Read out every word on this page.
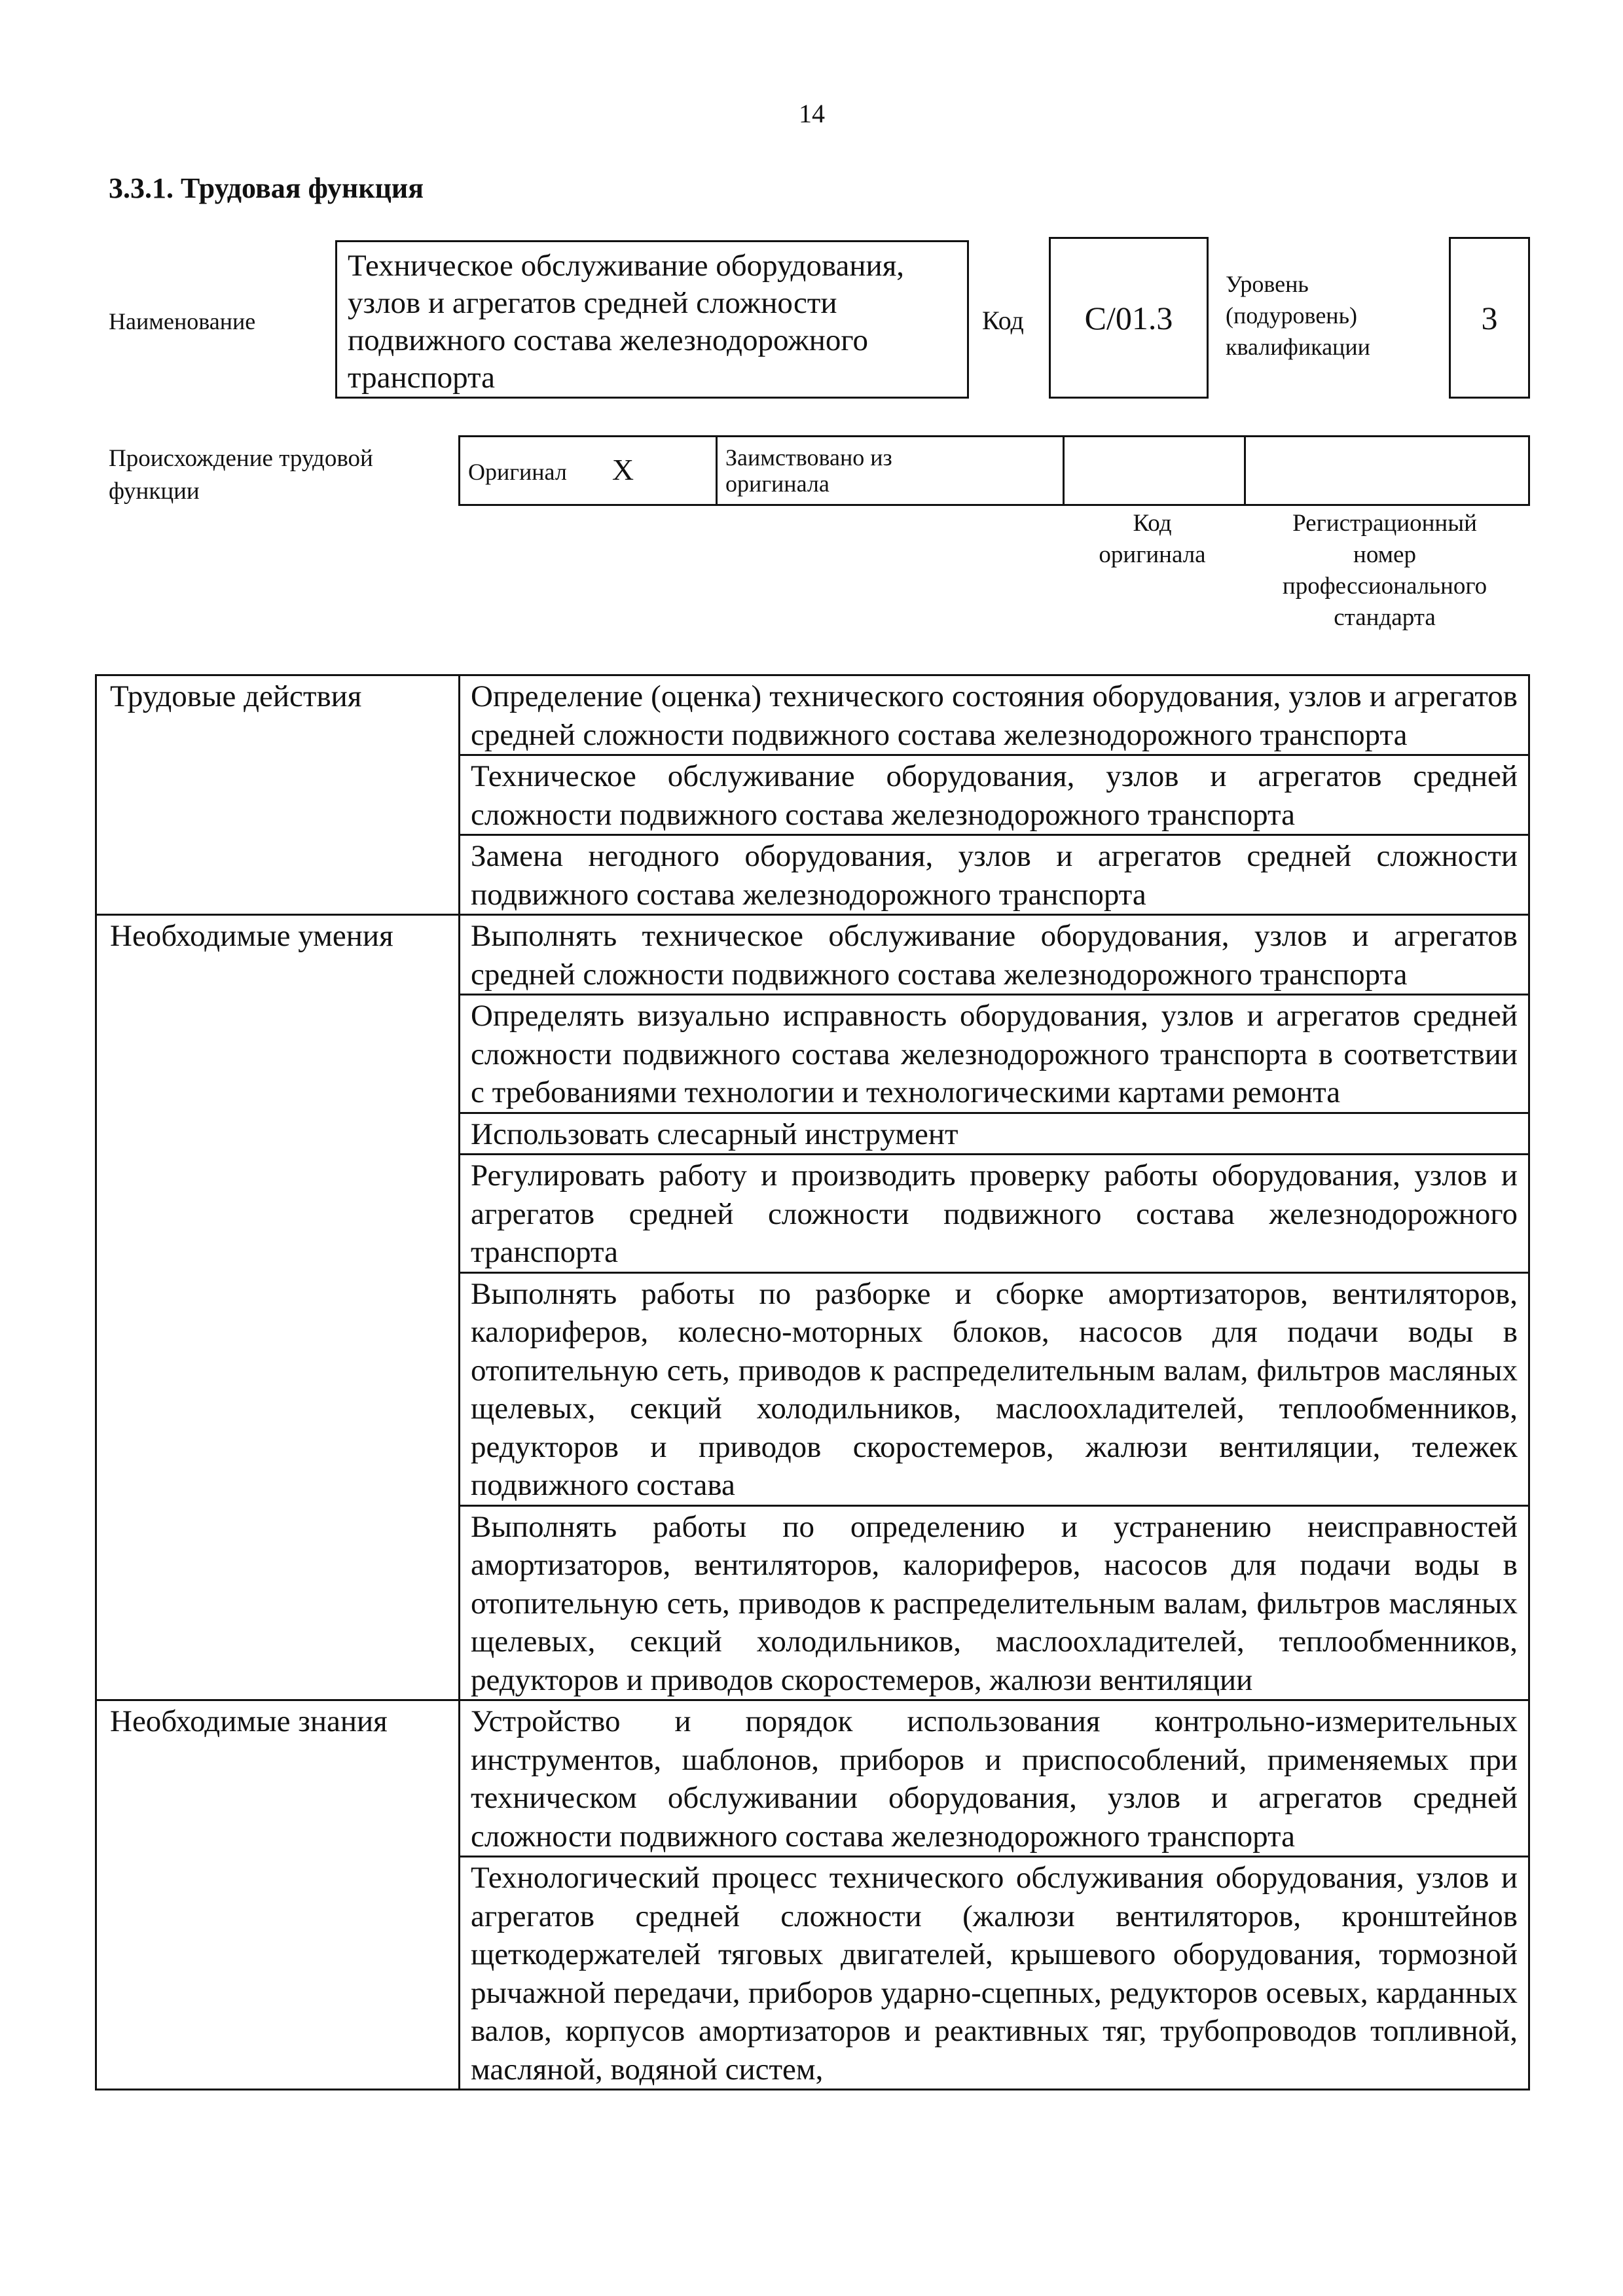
14
3.3.1. Трудовая функция
Наименование
Техническое обслуживание оборудования, узлов и агрегатов средней сложности подвижного состава железнодорожного транспорта
Код С/01.3
Уровень
(подуровень)
квалификации
3
Происхождение трудовой
функции
Оригинал X	Заимствовано из
оригинала

Код
оригинала
Регистрационный
номер
профессионального
стандарта
Трудовые действия	Определение (оценка) технического состояния оборудования, узлов и агрегатов средней сложности подвижного состава железнодорожного транспорта
	Техническое обслуживание оборудования, узлов и агрегатов средней сложности подвижного состава железнодорожного транспорта
	Замена негодного оборудования, узлов и агрегатов средней сложности подвижного состава железнодорожного транспорта
Необходимые умения	Выполнять техническое обслуживание оборудования, узлов и агрегатов средней сложности подвижного состава железнодорожного транспорта
	Определять визуально исправность оборудования, узлов и агрегатов средней сложности подвижного состава железнодорожного транспорта в соответствии с требованиями технологии и технологическими картами ремонта
	Использовать слесарный инструмент
	Регулировать работу и производить проверку работы оборудования, узлов и агрегатов средней сложности подвижного состава железнодорожного транспорта
	Выполнять работы по разборке и сборке амортизаторов, вентиляторов, калориферов, колесно-моторных блоков, насосов для подачи воды в отопительную сеть, приводов к распределительным валам, фильтров масляных щелевых, секций холодильников, маслоохладителей, теплообменников, редукторов и приводов скоростемеров, жалюзи вентиляции, тележек подвижного состава
	Выполнять работы по определению и устранению неисправностей амортизаторов, вентиляторов, калориферов, насосов для подачи воды в отопительную сеть, приводов к распределительным валам, фильтров масляных щелевых, секций холодильников, маслоохладителей, теплообменников, редукторов и приводов скоростемеров, жалюзи вентиляции
Необходимые знания	Устройство и порядок использования контрольно-измерительных инструментов, шаблонов, приборов и приспособлений, применяемых при техническом обслуживании оборудования, узлов и агрегатов средней сложности подвижного состава железнодорожного транспорта
	Технологический процесс технического обслуживания оборудования, узлов и агрегатов средней сложности (жалюзи вентиляторов, кронштейнов щеткодержателей тяговых двигателей, крышевого оборудования, тормозной рычажной передачи, приборов ударно-сцепных, редукторов осевых, карданных валов, корпусов амортизаторов и реактивных тяг, трубопроводов топливной, масляной, водяной систем,
